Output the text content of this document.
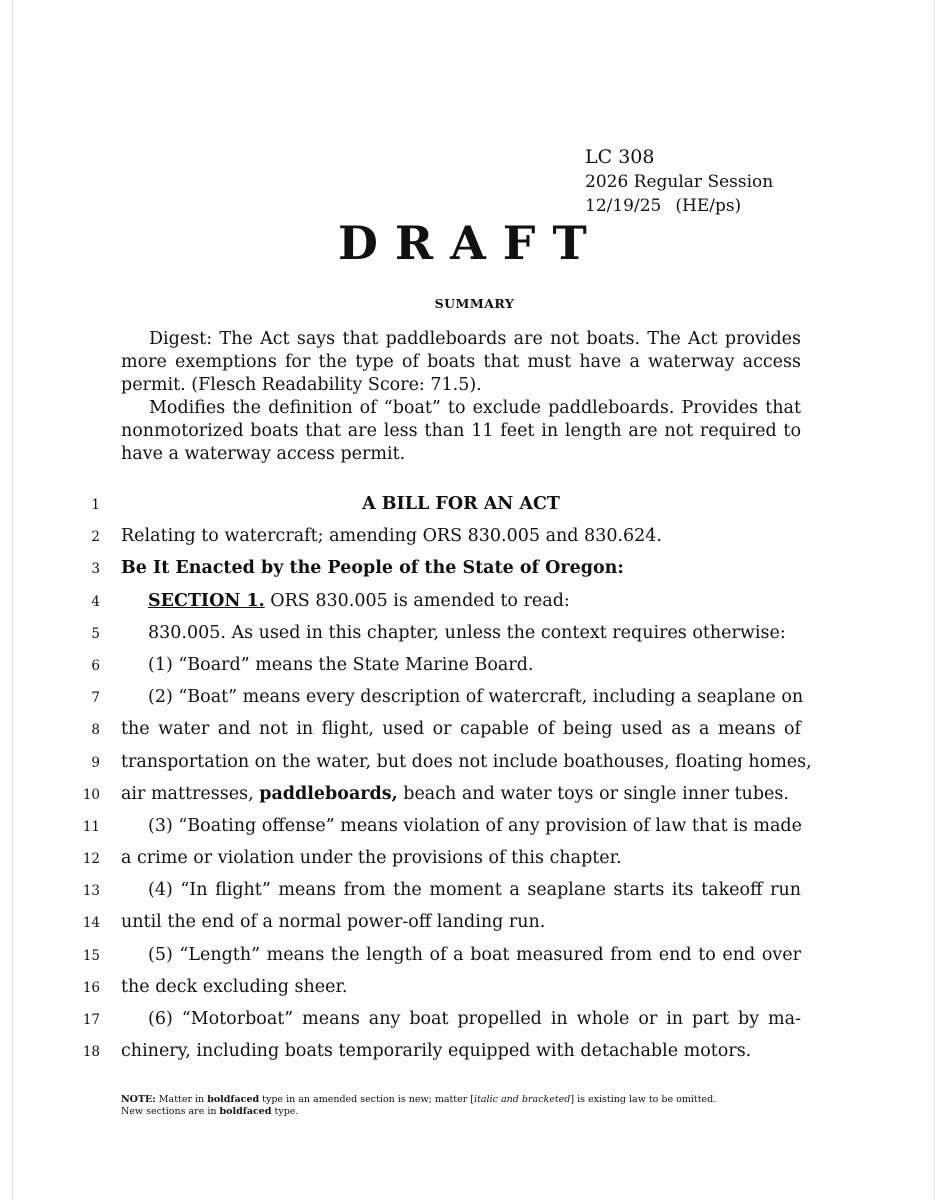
LC 308
2026 Regular Session
12/19/25 (HE/ps)
DRAFT
SUMMARY

Digest: The Act says that paddleboards are not boats. The Act provides more exemptions for the type of boats that must have a waterway access permit. (Flesch Readability Score: 71.5).

Modifies the definition of “boat” to exclude paddleboards. Provides that nonmotorized boats that are less than 11 feet in length are not required to have a waterway access permit.

1	A BILL FOR AN ACT
2 Relating to watercraft; amending ORS 830.005 and 830.624.
3 Be It Enacted by the People of the State of Oregon:
4	SECTION 1. ORS 830.005 is amended to read:
5	830.005. As used in this chapter, unless the context requires otherwise:
6	(1) “Board” means the State Marine Board.
7	(2) “Boat” means every description of watercraft, including a seaplane on
8 the water and not in flight, used or capable of being used as a means of
9 transportation on the water, but does not include boathouses, floating homes,
10 air mattresses, paddleboards, beach and water toys or single inner tubes.
11	(3) “Boating offense” means violation of any provision of law that is made
12 a crime or violation under the provisions of this chapter.
13	(4) “In flight” means from the moment a seaplane starts its takeoff run
14 until the end of a normal power-off landing run.
15	(5) “Length” means the length of a boat measured from end to end over
16 the deck excluding sheer.
17	(6) “Motorboat” means any boat propelled in whole or in part by ma-
18 chinery, including boats temporarily equipped with detachable motors.
NOTE: Matter in boldfaced type in an amended section is new; matter [italic and bracketed] is existing law to be omitted.
New sections are in boldfaced type.
